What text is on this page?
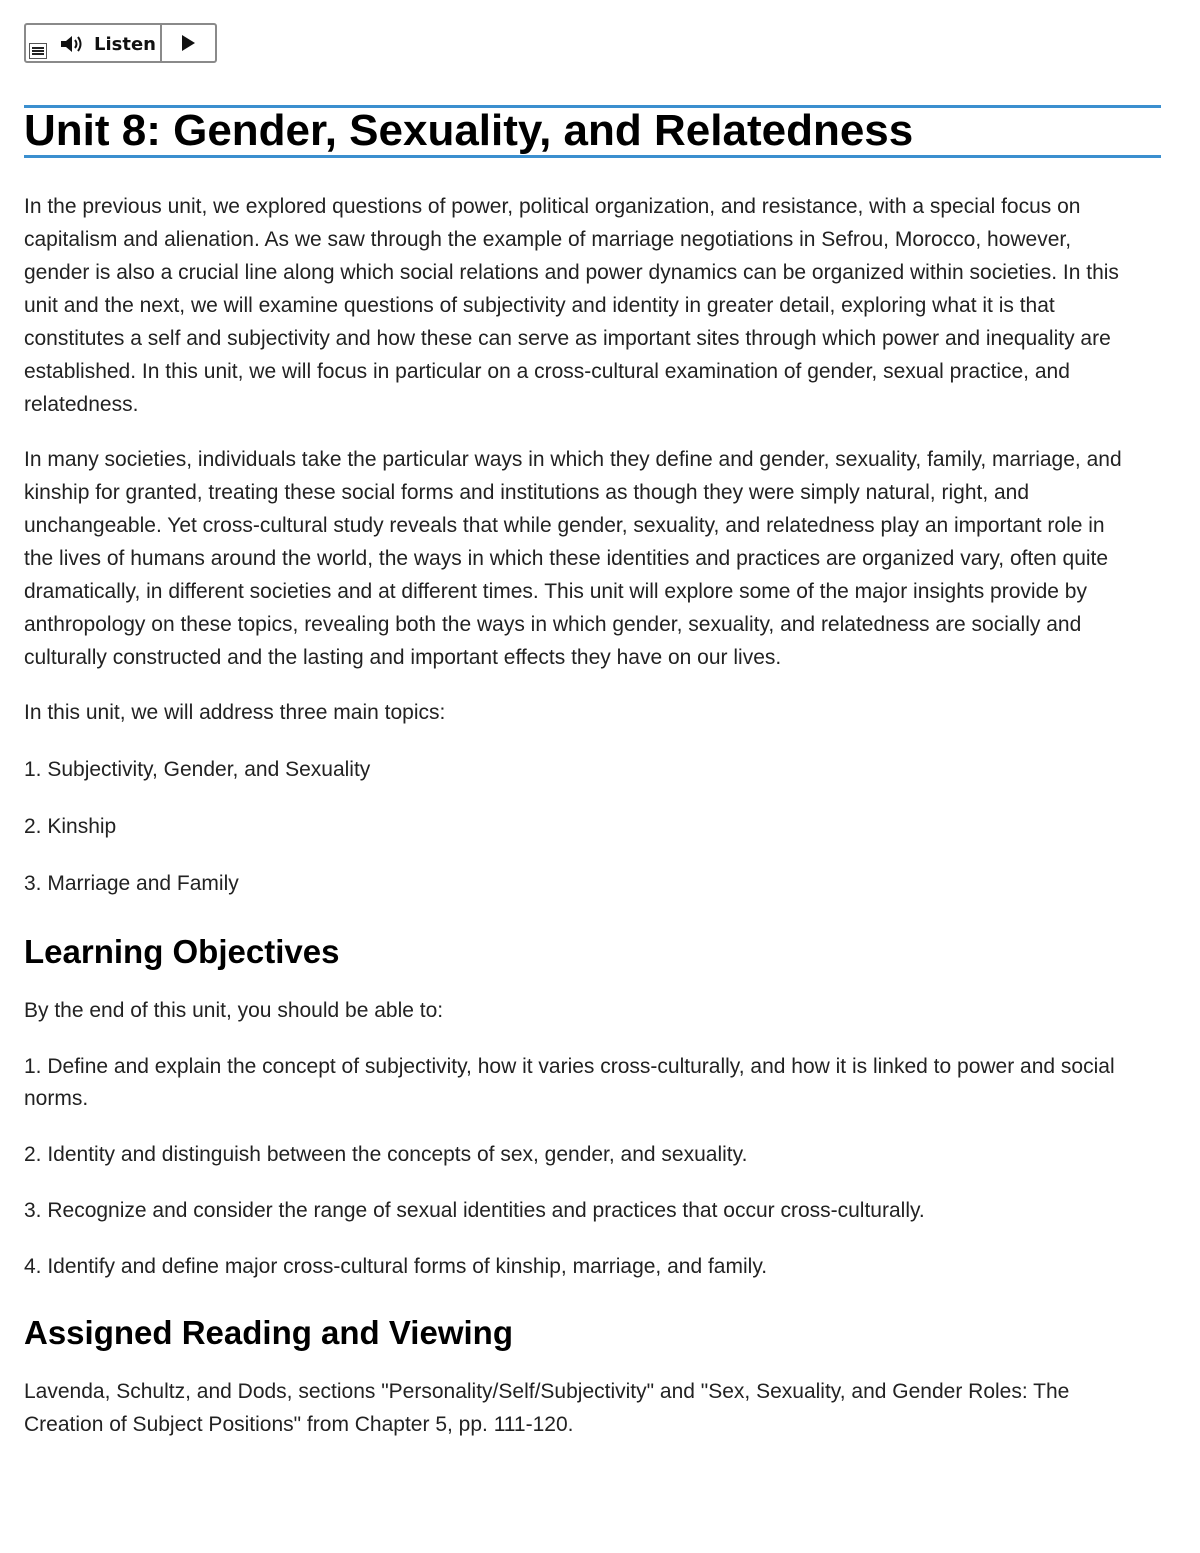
Listen
Unit 8: Gender, Sexuality, and Relatedness

In the previous unit, we explored questions of power, political organization, and resistance, with a special focus on capitalism and alienation. As we saw through the example of marriage negotiations in Sefrou, Morocco, however, gender is also a crucial line along which social relations and power dynamics can be organized within societies. In this unit and the next, we will examine questions of subjectivity and identity in greater detail, exploring what it is that constitutes a self and subjectivity and how these can serve as important sites through which power and inequality are established. In this unit, we will focus in particular on a cross-cultural examination of gender, sexual practice, and relatedness.

In many societies, individuals take the particular ways in which they define and gender, sexuality, family, marriage, and kinship for granted, treating these social forms and institutions as though they were simply natural, right, and unchangeable. Yet cross-cultural study reveals that while gender, sexuality, and relatedness play an important role in the lives of humans around the world, the ways in which these identities and practices are organized vary, often quite dramatically, in different societies and at different times. This unit will explore some of the major insights provide by anthropology on these topics, revealing both the ways in which gender, sexuality, and relatedness are socially and culturally constructed and the lasting and important effects they have on our lives.

In this unit, we will address three main topics:

1. Subjectivity, Gender, and Sexuality

2. Kinship

3. Marriage and Family

Learning Objectives

By the end of this unit, you should be able to:

1. Define and explain the concept of subjectivity, how it varies cross-culturally, and how it is linked to power and social norms.

2. Identity and distinguish between the concepts of sex, gender, and sexuality.

3. Recognize and consider the range of sexual identities and practices that occur cross-culturally.

4. Identify and define major cross-cultural forms of kinship, marriage, and family.

Assigned Reading and Viewing

Lavenda, Schultz, and Dods, sections "Personality/Self/Subjectivity" and "Sex, Sexuality, and Gender Roles: The Creation of Subject Positions" from Chapter 5, pp. 111-120.
